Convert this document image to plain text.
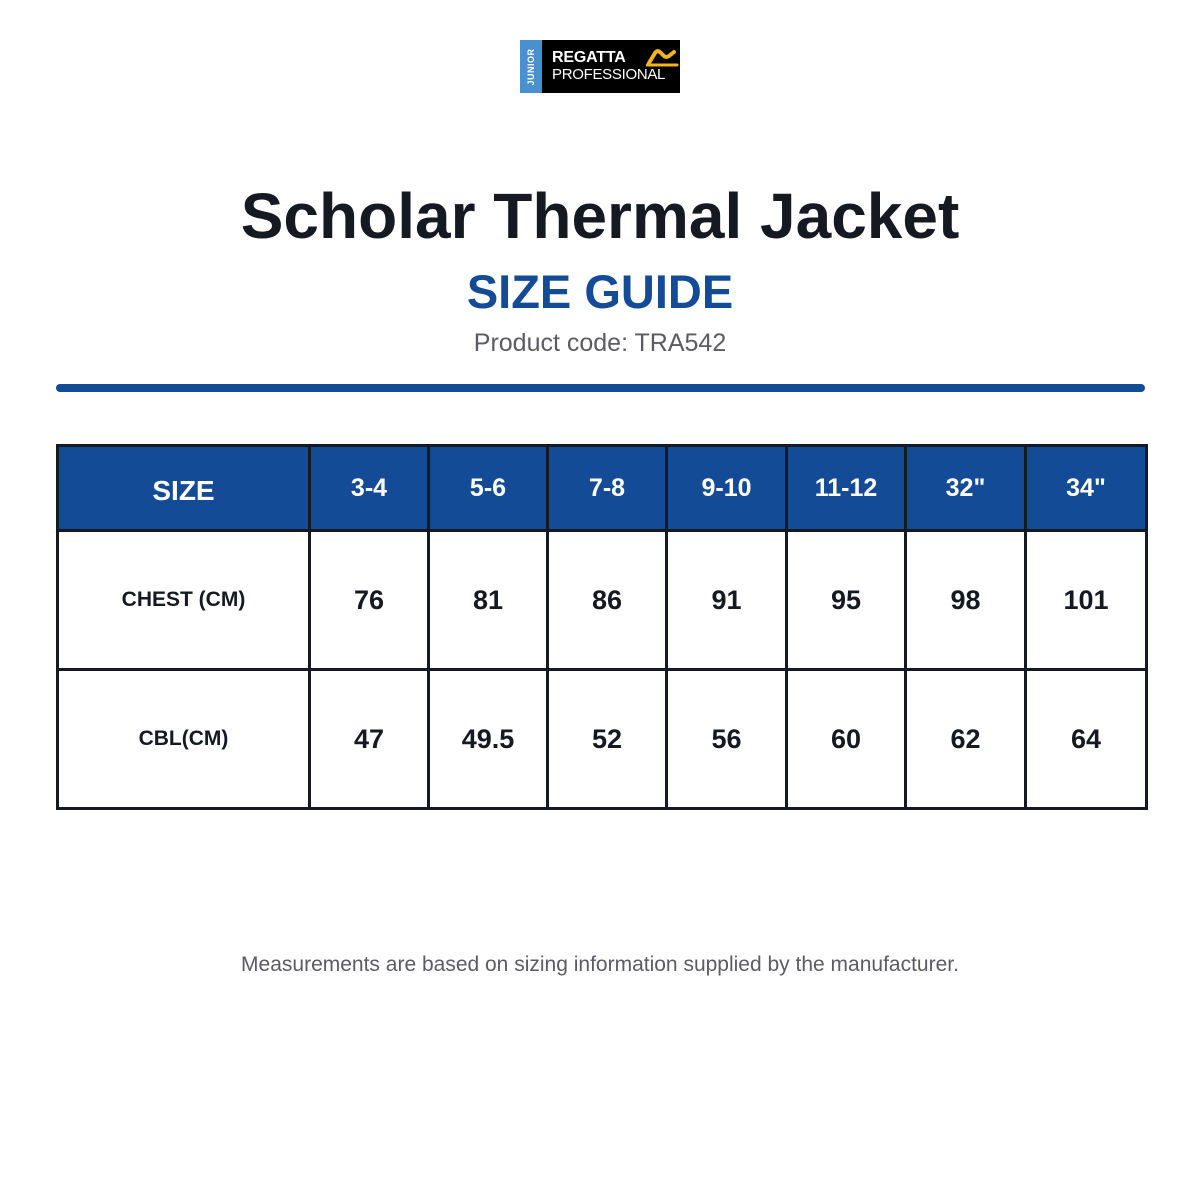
JUNIOR REGATTA
PROFESSIONAL
Scholar Thermal Jacket
SIZE GUIDE
Product code: TRA542
SIZE	3-4	5-6	7-8	9-10	11-12	32"	34"
CHEST (CM)	76	81	86	91	95	98	101
CBL(CM)	47	49.5	52	56	60	62	64
Measurements are based on sizing information supplied by the manufacturer.
